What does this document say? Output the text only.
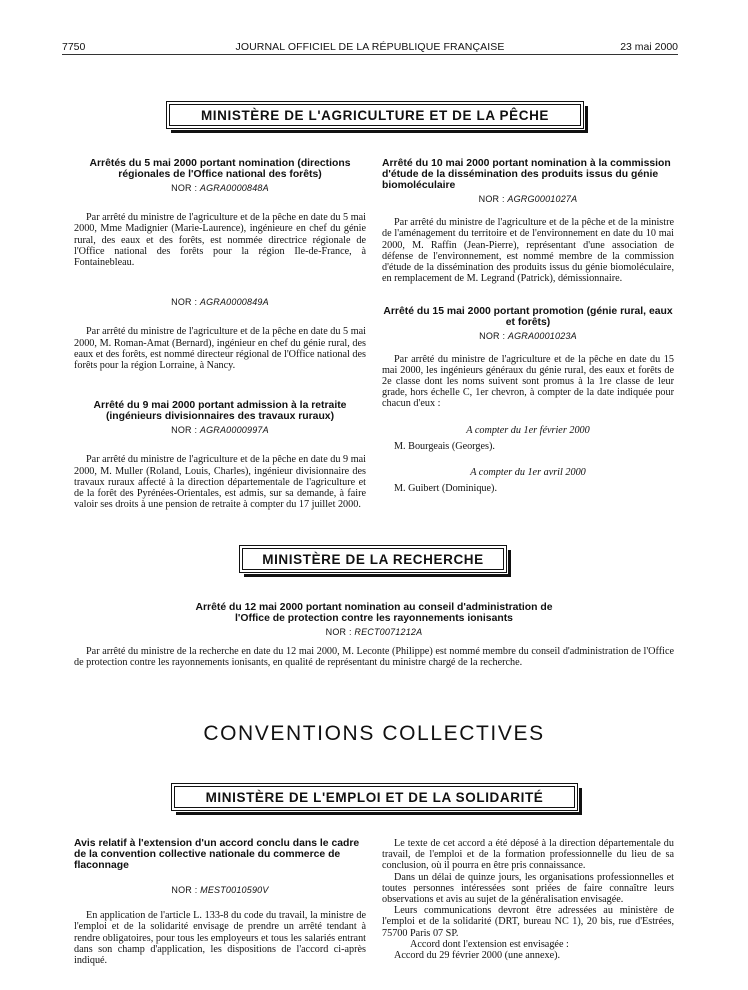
7750	JOURNAL OFFICIEL DE LA RÉPUBLIQUE FRANÇAISE	23 mai 2000
MINISTÈRE DE L'AGRICULTURE ET DE LA PÊCHE
Arrêtés du 5 mai 2000 portant nomination (directions régionales de l'Office national des forêts)
NOR : AGRA0000848A

Par arrêté du ministre de l'agriculture et de la pêche en date du 5 mai 2000, Mme Madignier (Marie-Laurence), ingénieure en chef du génie rural, des eaux et des forêts, est nommée directrice régionale de l'Office national des forêts pour la région Ile-de-France, à Fontainebleau.

NOR : AGRA0000849A

Par arrêté du ministre de l'agriculture et de la pêche en date du 5 mai 2000, M. Roman-Amat (Bernard), ingénieur en chef du génie rural, des eaux et des forêts, est nommé directeur régional de l'Office national des forêts pour la région Lorraine, à Nancy.

Arrêté du 9 mai 2000 portant admission à la retraite (ingénieurs divisionnaires des travaux ruraux)
NOR : AGRA0000997A

Par arrêté du ministre de l'agriculture et de la pêche en date du 9 mai 2000, M. Muller (Roland, Louis, Charles), ingénieur divisionnaire des travaux ruraux affecté à la direction départementale de l'agriculture et de la forêt des Pyrénées-Orientales, est admis, sur sa demande, à faire valoir ses droits à une pension de retraite à compter du 17 juillet 2000.

Arrêté du 10 mai 2000 portant nomination à la commission d'étude de la dissémination des produits issus du génie biomoléculaire
NOR : AGRG0001027A

Par arrêté du ministre de l'agriculture et de la pêche et de la ministre de l'aménagement du territoire et de l'environnement en date du 10 mai 2000, M. Raffin (Jean-Pierre), représentant d'une association de défense de l'environnement, est nommé membre de la commission d'étude de la dissémination des produits issus du génie biomoléculaire, en remplacement de M. Legrand (Patrick), démissionnaire.

Arrêté du 15 mai 2000 portant promotion (génie rural, eaux et forêts)
NOR : AGRA0001023A

Par arrêté du ministre de l'agriculture et de la pêche en date du 15 mai 2000, les ingénieurs généraux du génie rural, des eaux et forêts de 2e classe dont les noms suivent sont promus à la 1re classe de leur grade, hors échelle C, 1er chevron, à compter de la date indiquée pour chacun d'eux :

A compter du 1er février 2000

M. Bourgeais (Georges).

A compter du 1er avril 2000

M. Guibert (Dominique).

MINISTÈRE DE LA RECHERCHE
Arrêté du 12 mai 2000 portant nomination au conseil d'administration de l'Office de protection contre les rayonnements ionisants
NOR : RECT0071212A

Par arrêté du ministre de la recherche en date du 12 mai 2000, M. Leconte (Philippe) est nommé membre du conseil d'administration de l'Office de protection contre les rayonnements ionisants, en qualité de représentant du ministre chargé de la recherche.

CONVENTIONS COLLECTIVES
MINISTÈRE DE L'EMPLOI ET DE LA SOLIDARITÉ
Avis relatif à l'extension d'un accord conclu dans le cadre de la convention collective nationale du commerce de flaconnage
NOR : MEST0010590V

En application de l'article L. 133-8 du code du travail, la ministre de l'emploi et de la solidarité envisage de prendre un arrêté tendant à rendre obligatoires, pour tous les employeurs et tous les salariés entrant dans son champ d'application, les dispositions de l'accord ci-après indiqué.

Le texte de cet accord a été déposé à la direction départementale du travail, de l'emploi et de la formation professionnelle du lieu de sa conclusion, où il pourra en être pris connaissance.

Dans un délai de quinze jours, les organisations professionnelles et toutes personnes intéressées sont priées de faire connaître leurs observations et avis au sujet de la généralisation envisagée.

Leurs communications devront être adressées au ministère de l'emploi et de la solidarité (DRT, bureau NC 1), 20 bis, rue d'Estrées, 75700 Paris 07 SP.

Accord dont l'extension est envisagée :

Accord du 29 février 2000 (une annexe).
